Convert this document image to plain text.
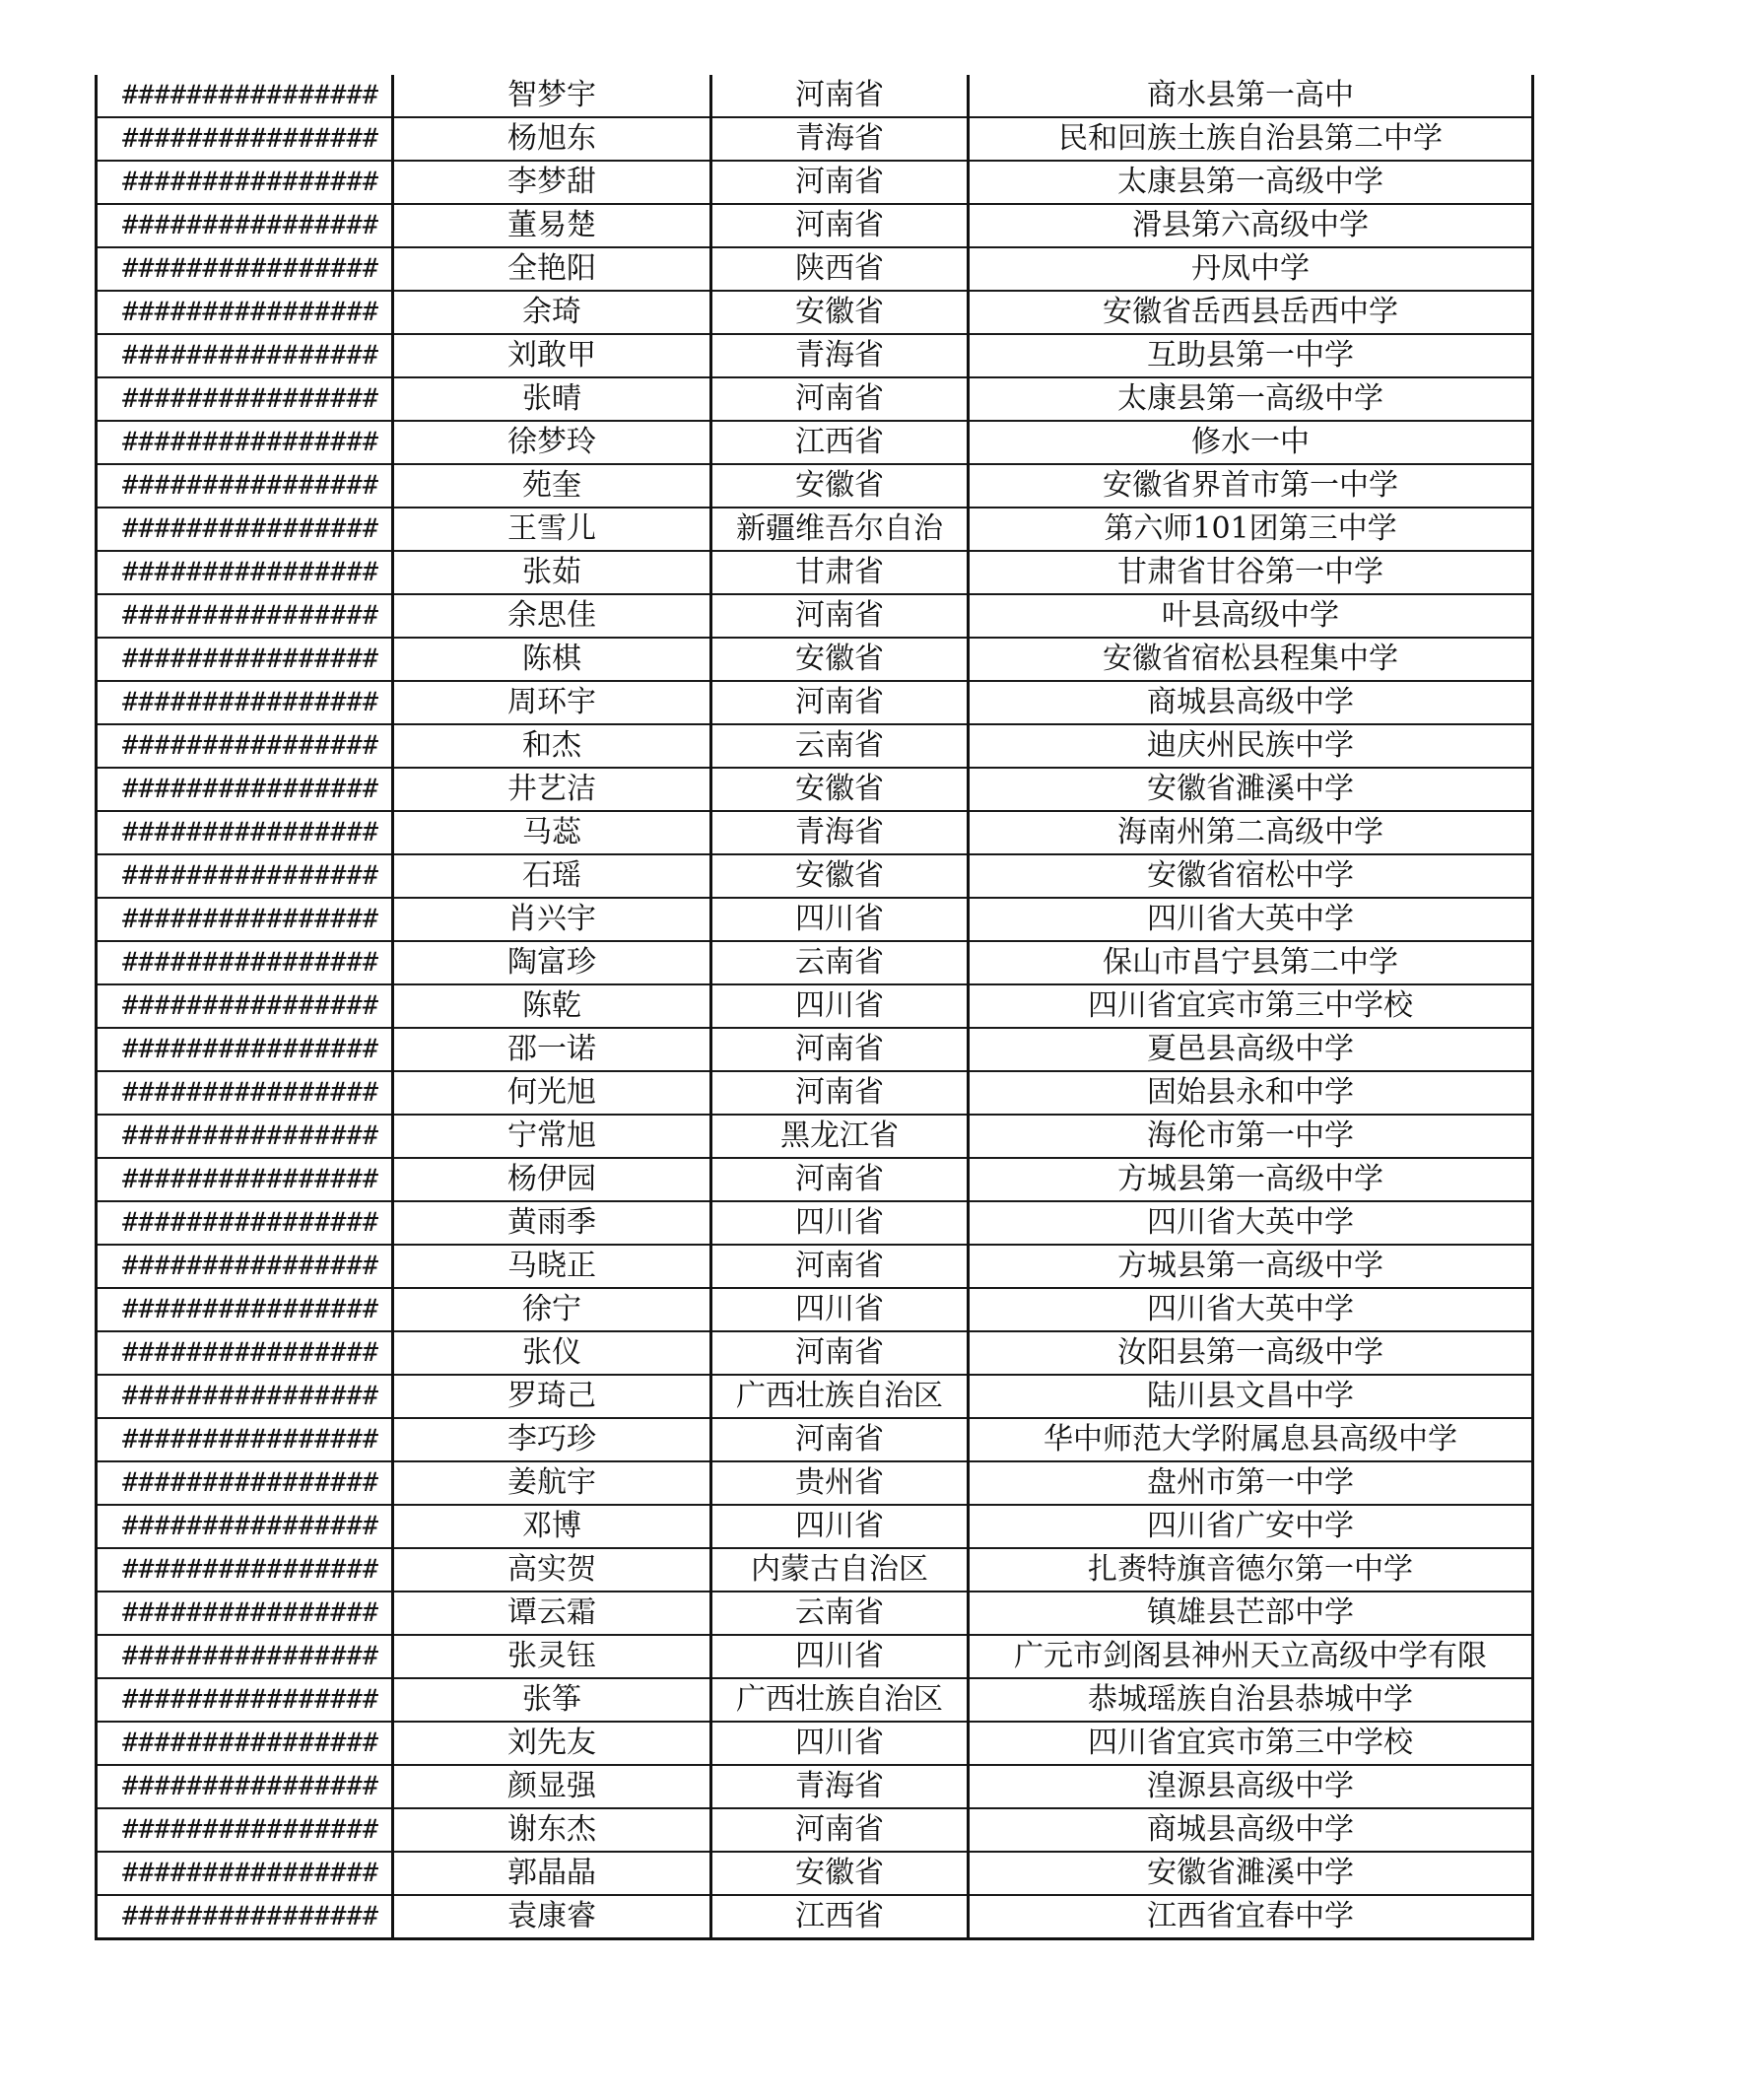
################	智梦宇	河南省	商水县第一高中
################	杨旭东	青海省	民和回族土族自治县第二中学
################	李梦甜	河南省	太康县第一高级中学
################	董易楚	河南省	滑县第六高级中学
################	全艳阳	陕西省	丹凤中学
################	余琦	安徽省	安徽省岳西县岳西中学
################	刘敢甲	青海省	互助县第一中学
################	张晴	河南省	太康县第一高级中学
################	徐梦玲	江西省	修水一中
################	苑奎	安徽省	安徽省界首市第一中学
################	王雪儿	新疆维吾尔自治	第六师101团第三中学
################	张茹	甘肃省	甘肃省甘谷第一中学
################	余思佳	河南省	叶县高级中学
################	陈棋	安徽省	安徽省宿松县程集中学
################	周环宇	河南省	商城县高级中学
################	和杰	云南省	迪庆州民族中学
################	井艺洁	安徽省	安徽省濉溪中学
################	马蕊	青海省	海南州第二高级中学
################	石瑶	安徽省	安徽省宿松中学
################	肖兴宇	四川省	四川省大英中学
################	陶富珍	云南省	保山市昌宁县第二中学
################	陈乾	四川省	四川省宜宾市第三中学校
################	邵一诺	河南省	夏邑县高级中学
################	何光旭	河南省	固始县永和中学
################	宁常旭	黑龙江省	海伦市第一中学
################	杨伊园	河南省	方城县第一高级中学
################	黄雨季	四川省	四川省大英中学
################	马晓正	河南省	方城县第一高级中学
################	徐宁	四川省	四川省大英中学
################	张仪	河南省	汝阳县第一高级中学
################	罗琦己	广西壮族自治区	陆川县文昌中学
################	李巧珍	河南省	华中师范大学附属息县高级中学
################	姜航宇	贵州省	盘州市第一中学
################	邓博	四川省	四川省广安中学
################	高实贺	内蒙古自治区	扎赉特旗音德尔第一中学
################	谭云霜	云南省	镇雄县芒部中学
################	张灵钰	四川省	广元市剑阁县神州天立高级中学有限
################	张筝	广西壮族自治区	恭城瑶族自治县恭城中学
################	刘先友	四川省	四川省宜宾市第三中学校
################	颜显强	青海省	湟源县高级中学
################	谢东杰	河南省	商城县高级中学
################	郭晶晶	安徽省	安徽省濉溪中学
################	袁康睿	江西省	江西省宜春中学
